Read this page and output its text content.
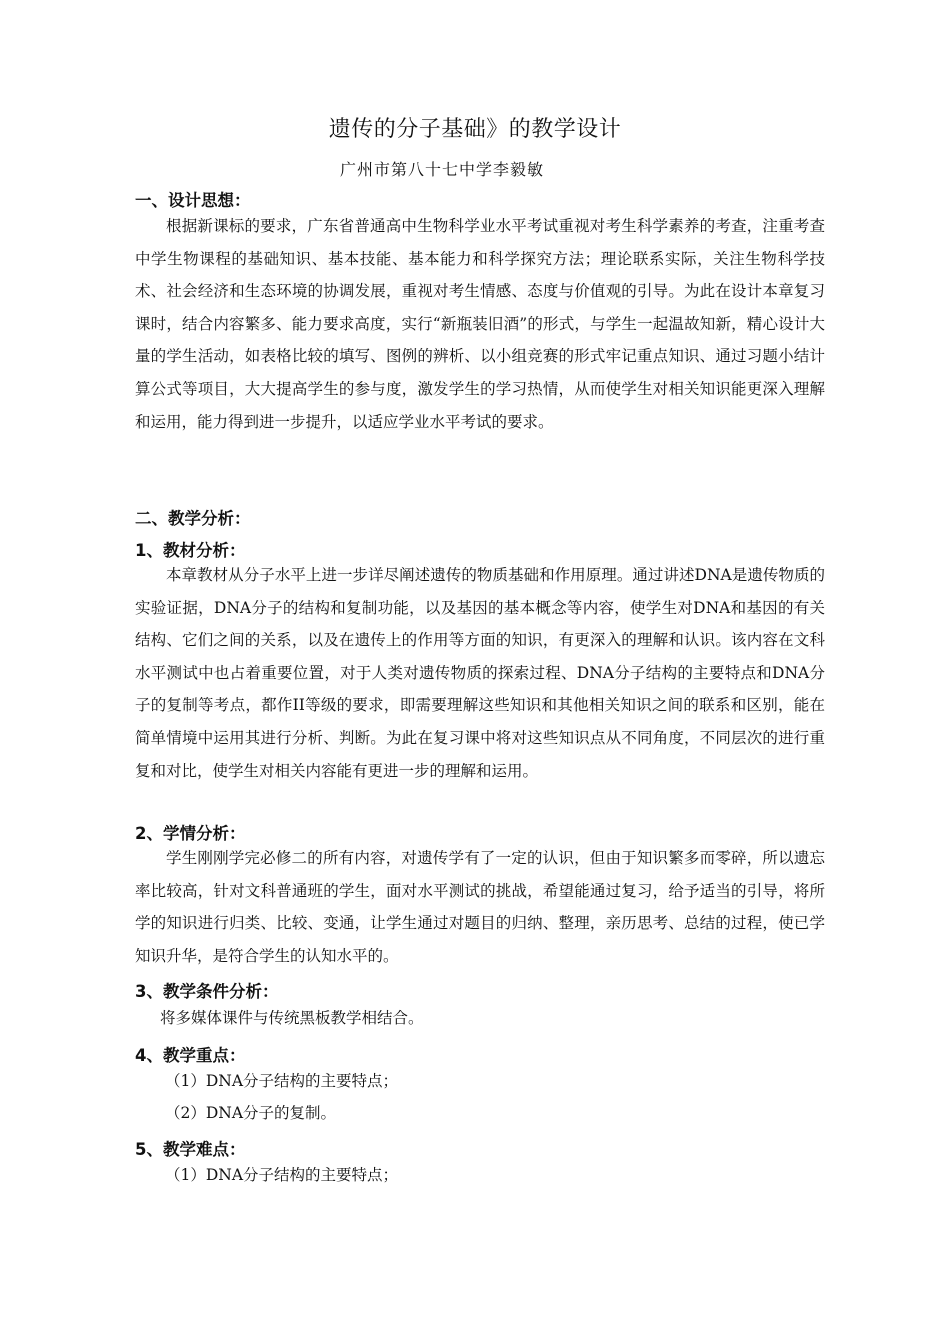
遗传的分子基础》的教学设计
广州市第八十七中学李毅敏
一、设计思想：

根据新课标的要求，广东省普通高中生物科学业水平考试重视对考生科学素养的考查，注重考查中学生物课程的基础知识、基本技能、基本能力和科学探究方法；理论联系实际，关注生物科学技术、社会经济和生态环境的协调发展，重视对考生情感、态度与价值观的引导。为此在设计本章复习课时，结合内容繁多、能力要求高度，实行“新瓶装旧酒”的形式，与学生一起温故知新，精心设计大量的学生活动，如表格比较的填写、图例的辨析、以小组竞赛的形式牢记重点知识、通过习题小结计算公式等项目，大大提高学生的参与度，激发学生的学习热情，从而使学生对相关知识能更深入理解和运用，能力得到进一步提升，以适应学业水平考试的要求。

二、教学分析：
1、教材分析：

本章教材从分子水平上进一步详尽阐述遗传的物质基础和作用原理。通过讲述DNA是遗传物质的实验证据，DNA分子的结构和复制功能，以及基因的基本概念等内容，使学生对DNA和基因的有关结构、它们之间的关系，以及在遗传上的作用等方面的知识，有更深入的理解和认识。该内容在文科水平测试中也占着重要位置，对于人类对遗传物质的探索过程、DNA分子结构的主要特点和DNA分子的复制等考点，都作II等级的要求，即需要理解这些知识和其他相关知识之间的联系和区别，能在简单情境中运用其进行分析、判断。为此在复习课中将对这些知识点从不同角度，不同层次的进行重复和对比，使学生对相关内容能有更进一步的理解和运用。

2、学情分析：

学生刚刚学完必修二的所有内容，对遗传学有了一定的认识，但由于知识繁多而零碎，所以遗忘率比较高，针对文科普通班的学生，面对水平测试的挑战，希望能通过复习，给予适当的引导，将所学的知识进行归类、比较、变通，让学生通过对题目的归纳、整理，亲历思考、总结的过程，使已学知识升华，是符合学生的认知水平的。

3、教学条件分析：
将多媒体课件与传统黑板教学相结合。
4、教学重点：
（1）DNA分子结构的主要特点；
（2）DNA分子的复制。
5、教学难点：
（1）DNA分子结构的主要特点；
